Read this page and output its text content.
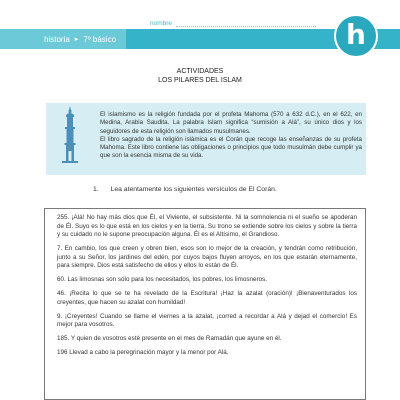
nombre
historia ▸ 7º básico	h
ACTIVIDADES
LOS PILARES DEL ISLAM
El islamismo es la religión fundada por el profeta Mahoma (570 a 632 d.C.), en el 622, en Medina, Arabia Saudita. La palabra Islam significa “sumisión a Alá”, su único dios y los seguidores de esta religión son llamados musulmanes.
El libro sagrado de la religión islámica es el Corán que recoge las enseñanzas de su profeta Mahoma. Este libro contiene las obligaciones o principios que todo musulmán debe cumplir ya que son la esencia misma de su vida.
1. Lea atentamente los siguientes versículos de El Corán.

255. ¡Alá! No hay más dios que Él, el Viviente, el subsistente. Ni la somnolencia ni el sueño se apoderan de Él. Suyo es lo que está en los cielos y en la tierra. Su trono se extiende sobre los cielos y sobre la tierra y su cuidado no le supone preocupación alguna. Él es el Altísimo, el Grandioso.

7. En cambio, los que creen y obren bien, esos son lo mejor de la creación, y tendrán como retribución, junto a su Señor, los jardines del edén, por cuyos bajos fluyen arroyos, en los que estarán eternamente, para siempre. Dios está satisfecho de ellos y ellos lo están de Él.

60. Las limosnas son sólo para los necesitados, los pobres, los limosneros.

46. ¡Recita lo que se te ha revelado de la Escritura! ¡Haz la azalat (oración)! ¡Bienaventurados los creyentes, que hacen su azalat con humildad!

9. ¡Creyentes! Cuando se llame el viernes a la azalat, ¡corred a recordar a Alá y dejad el comercio! Es mejor para vosotros.

185. Y quien de vosotros esté presente en el mes de Ramadán que ayune en él.

196 Llevad a cabo la peregrinación mayor y la menor por Alá.
